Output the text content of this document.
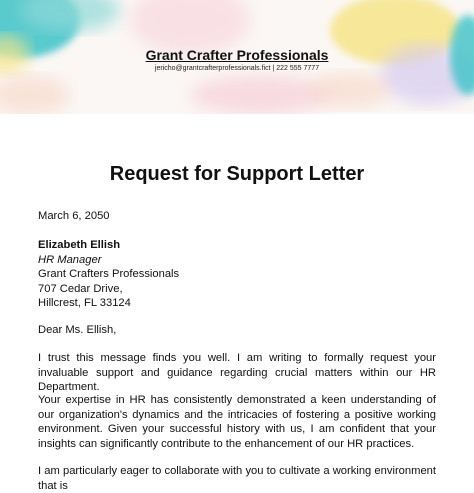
Grant Crafter Professionals
jericho@grantcrafterprofessionals.fict | 222 555 7777
Request for Support Letter
March 6, 2050
Elizabeth Ellish
HR Manager
Grant Crafters Professionals
707 Cedar Drive,
Hillcrest, FL 33124
Dear Ms. Ellish,

I trust this message finds you well. I am writing to formally request your invaluable support and guidance regarding crucial matters within our HR Department.

Your expertise in HR has consistently demonstrated a keen understanding of our organization's dynamics and the intricacies of fostering a positive working environment. Given your successful history with us, I am confident that your insights can significantly contribute to the enhancement of our HR practices.

I am particularly eager to collaborate with you to cultivate a working environment that is
